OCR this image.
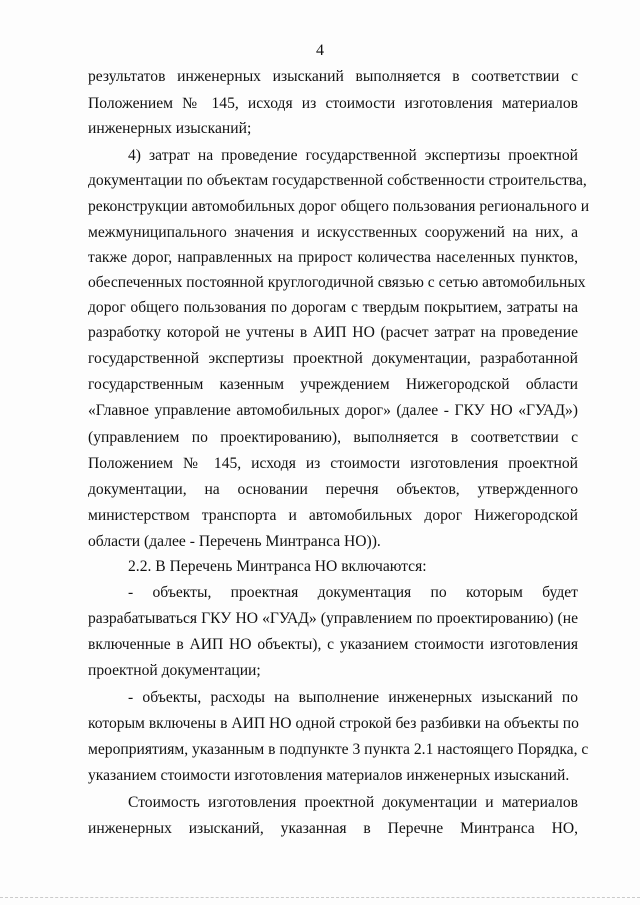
4
результатов инженерных изысканий выполняется в соответствии с
Положением № 145, исходя из стоимости изготовления материалов
инженерных изысканий;
4) затрат на проведение государственной экспертизы проектной
документации по объектам государственной собственности строительства,
реконструкции автомобильных дорог общего пользования регионального и
межмуниципального значения и искусственных сооружений на них, а
также дорог, направленных на прирост количества населенных пунктов,
обеспеченных постоянной круглогодичной связью с сетью автомобильных
дорог общего пользования по дорогам с твердым покрытием, затраты на
разработку которой не учтены в АИП НО (расчет затрат на проведение
государственной экспертизы проектной документации, разработанной
государственным казенным учреждением Нижегородской области
«Главное управление автомобильных дорог» (далее - ГКУ НО «ГУАД»)
(управлением по проектированию), выполняется в соответствии с
Положением № 145, исходя из стоимости изготовления проектной
документации, на основании перечня объектов, утвержденного
министерством транспорта и автомобильных дорог Нижегородской
области (далее - Перечень Минтранса НО)).
2.2. В Перечень Минтранса НО включаются:
- объекты, проектная документация по которым будет
разрабатываться ГКУ НО «ГУАД» (управлением по проектированию) (не
включенные в АИП НО объекты), с указанием стоимости изготовления
проектной документации;
- объекты, расходы на выполнение инженерных изысканий по
которым включены в АИП НО одной строкой без разбивки на объекты по
мероприятиям, указанным в подпункте 3 пункта 2.1 настоящего Порядка, с
указанием стоимости изготовления материалов инженерных изысканий.
Стоимость изготовления проектной документации и материалов
инженерных изысканий, указанная в Перечне Минтранса НО,
